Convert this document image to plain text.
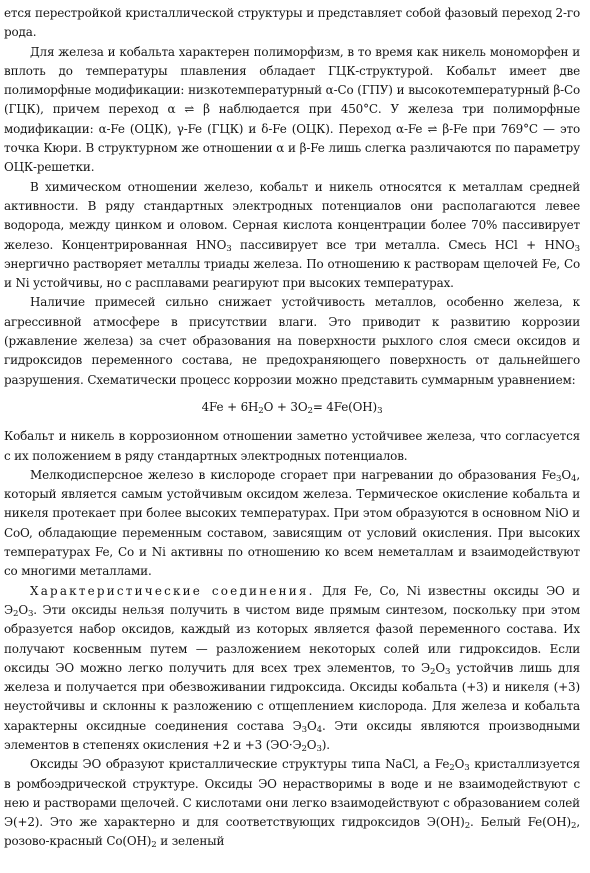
ется перестройкой кристаллической структуры и представляет собой фазовый переход 2-го рода.

Для железа и кобальта характерен полиморфизм, в то время как никель мономорфен и вплоть до температуры плавления обладает ГЦК-структурой. Кобальт имеет две полиморфные модификации: низкотемпературный α-Co (ГПУ) и высокотемпературный β-Co (ГЦК), причем переход α ⇌ β наблюдается при 450°С. У железа три полиморфные модификации: α-Fe (ОЦК), γ-Fe (ГЦК) и δ-Fe (ОЦК). Переход α-Fe ⇌ β-Fe при 769°С — это точка Кюри. В структурном же отношении α и β-Fe лишь слегка различаются по параметру ОЦК-решетки.

В химическом отношении железо, кобальт и никель относятся к металлам средней активности. В ряду стандартных электродных потенциалов они располагаются левее водорода, между цинком и оловом. Серная кислота концентрации более 70% пассивирует железо. Концентрированная $HNO_3$ пассивирует все три металла. Смесь HCl + $HNO_3$ энергично растворяет металлы триады железа. По отношению к растворам щелочей Fe, Co и Ni устойчивы, но с расплавами реагируют при высоких температурах.

Наличие примесей сильно снижает устойчивость металлов, особенно железа, к агрессивной атмосфере в присутствии влаги. Это приводит к развитию коррозии (ржавление железа) за счет образования на поверхности рыхлого слоя смеси оксидов и гидроксидов переменного состава, не предохраняющего поверхность от дальнейшего разрушения. Схематически процесс коррозии можно представить суммарным уравнением:

$4Fe + 6H_2O + 3O_2= 4Fe(OH)_3$

Кобальт и никель в коррозионном отношении заметно устойчивее железа, что согласуется с их положением в ряду стандартных электродных потенциалов.

Мелкодисперсное железо в кислороде сгорает при нагревании до образования $Fe_3O_4$, который является самым устойчивым оксидом железа. Термическое окисление кобальта и никеля протекает при более высоких температурах. При этом образуются в основном NiO и CoO, обладающие переменным составом, зависящим от условий окисления. При высоких температурах Fe, Co и Ni активны по отношению ко всем неметаллам и взаимодействуют со многими металлами.

Характеристические соединения. Для Fe, Co, Ni известны оксиды ЭО и $Э_2O_3$. Эти оксиды нельзя получить в чистом виде прямым синтезом, поскольку при этом образуется набор оксидов, каждый из которых является фазой переменного состава. Их получают косвенным путем — разложением некоторых солей или гидроксидов. Если оксиды ЭО можно легко получить для всех трех элементов, то $Э_2O_3$ устойчив лишь для железа и получается при обезвоживании гидроксида. Оксиды кобальта (+3) и никеля (+3) неустойчивы и склонны к разложению с отщеплением кислорода. Для железа и кобальта характерны оксидные соединения состава $Э_3O_4$. Эти оксиды являются производными элементов в степенях окисления +2 и +3 $(ЭО\cdot Э_2O_3)$.

Оксиды ЭО образуют кристаллические структуры типа NaCl, а $Fe_2O_3$ кристаллизуется в ромбоэдрической структуре. Оксиды ЭО нерастворимы в воде и не взаимодействуют с нею и растворами щелочей. С кислотами они легко взаимодействуют с образованием солей Э(+2). Это же характерно и для соответствующих гидроксидов $Э(OH)_2$. Белый $Fe(OH)_2$, розово-красный $Co(OH)_2$ и зеленый
